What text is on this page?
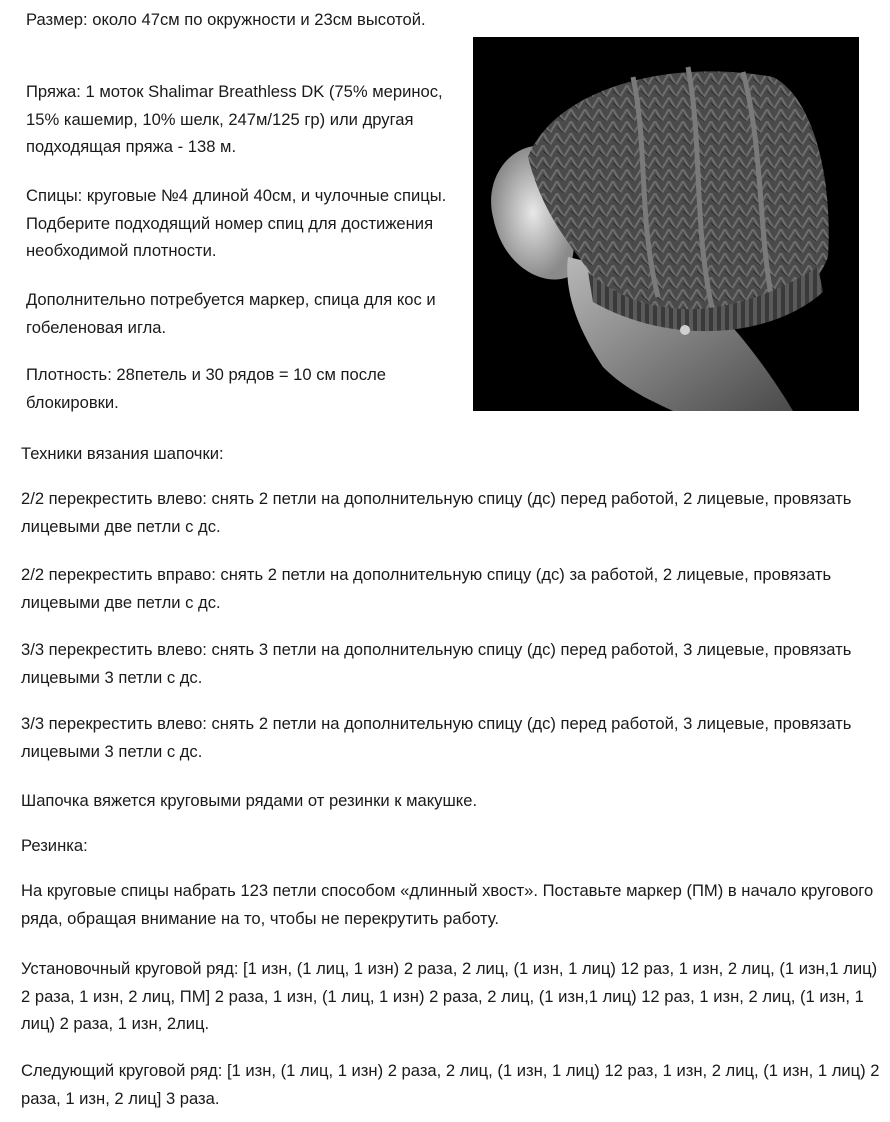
Размер: около 47см по окружности и 23см высотой.

Пряжа: 1 моток Shalimar Breathless DK (75% меринос, 15% кашемир, 10% шелк, 247м/125 гр) или другая подходящая пряжа - 138 м.

Спицы: круговые №4 длиной 40см, и чулочные спицы. Подберите подходящий номер спиц для достижения необходимой плотности.

Дополнительно потребуется маркер, спица для кос и гобеленовая игла.

Плотность: 28петель и 30 рядов = 10 см после блокировки.

Техники вязания шапочки:

2/2 перекрестить влево: снять 2 петли на дополнительную спицу (дс) перед работой, 2 лицевые, провязать лицевыми две петли с дс.

2/2 перекрестить вправо: снять 2 петли на дополнительную спицу (дс) за работой, 2 лицевые, провязать лицевыми две петли с дс.

3/3 перекрестить влево: снять 3 петли на дополнительную спицу (дс) перед работой, 3 лицевые, провязать лицевыми 3 петли с дс.

3/3 перекрестить влево: снять 2 петли на дополнительную спицу (дс) перед работой, 3 лицевые, провязать лицевыми 3 петли с дс.

Шапочка вяжется круговыми рядами от резинки к макушке.

Резинка:

На круговые спицы набрать 123 петли способом «длинный хвост». Поставьте маркер (ПМ) в начало кругового ряда, обращая внимание на то, чтобы не перекрутить работу.

Установочный круговой ряд: [1 изн, (1 лиц, 1 изн) 2 раза, 2 лиц, (1 изн, 1 лиц) 12 раз, 1 изн, 2 лиц, (1 изн,1 лиц) 2 раза, 1 изн, 2 лиц, ПМ] 2 раза, 1 изн, (1 лиц, 1 изн) 2 раза, 2 лиц, (1 изн,1 лиц) 12 раз, 1 изн, 2 лиц, (1 изн, 1 лиц) 2 раза, 1 изн, 2лиц.

Следующий круговой ряд: [1 изн, (1 лиц, 1 изн) 2 раза, 2 лиц, (1 изн, 1 лиц) 12 раз, 1 изн, 2 лиц, (1 изн, 1 лиц) 2 раза, 1 изн, 2 лиц] 3 раза.
